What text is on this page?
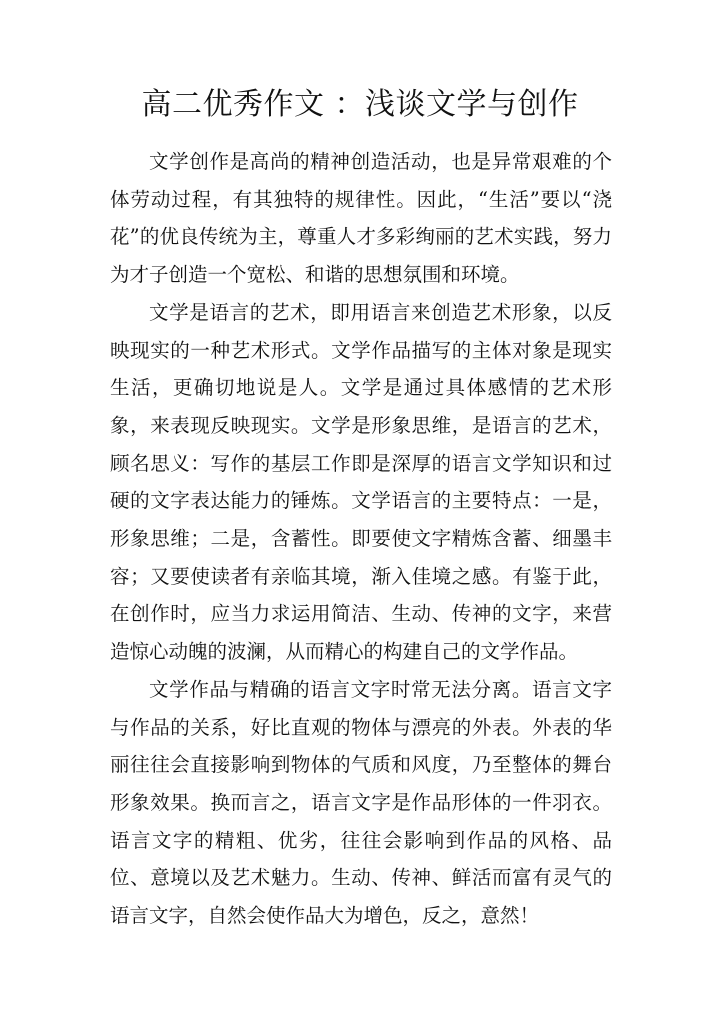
高二优秀作文 ：浅谈文学与创作

文学创作是高尚的精神创造活动，也是异常艰难的个体劳动过程，有其独特的规律性。因此，“生活”要以“浇花”的优良传统为主，尊重人才多彩绚丽的艺术实践，努力为才子创造一个宽松、和谐的思想氛围和环境。

文学是语言的艺术，即用语言来创造艺术形象，以反映现实的一种艺术形式。文学作品描写的主体对象是现实生活，更确切地说是人。文学是通过具体感情的艺术形象，来表现反映现实。文学是形象思维，是语言的艺术，顾名思义：写作的基层工作即是深厚的语言文学知识和过硬的文字表达能力的锤炼。文学语言的主要特点：一是，形象思维；二是，含蓄性。即要使文字精炼含蓄、细墨丰容；又要使读者有亲临其境，渐入佳境之感。有鉴于此，在创作时，应当力求运用简洁、生动、传神的文字，来营造惊心动魄的波澜，从而精心的构建自己的文学作品。

文学作品与精确的语言文字时常无法分离。语言文字与作品的关系，好比直观的物体与漂亮的外表。外表的华丽往往会直接影响到物体的气质和风度，乃至整体的舞台形象效果。换而言之，语言文字是作品形体的一件羽衣。语言文字的精粗、优劣，往往会影响到作品的风格、品位、意境以及艺术魅力。生动、传神、鲜活而富有灵气的语言文字，自然会使作品大为增色，反之，意然！
